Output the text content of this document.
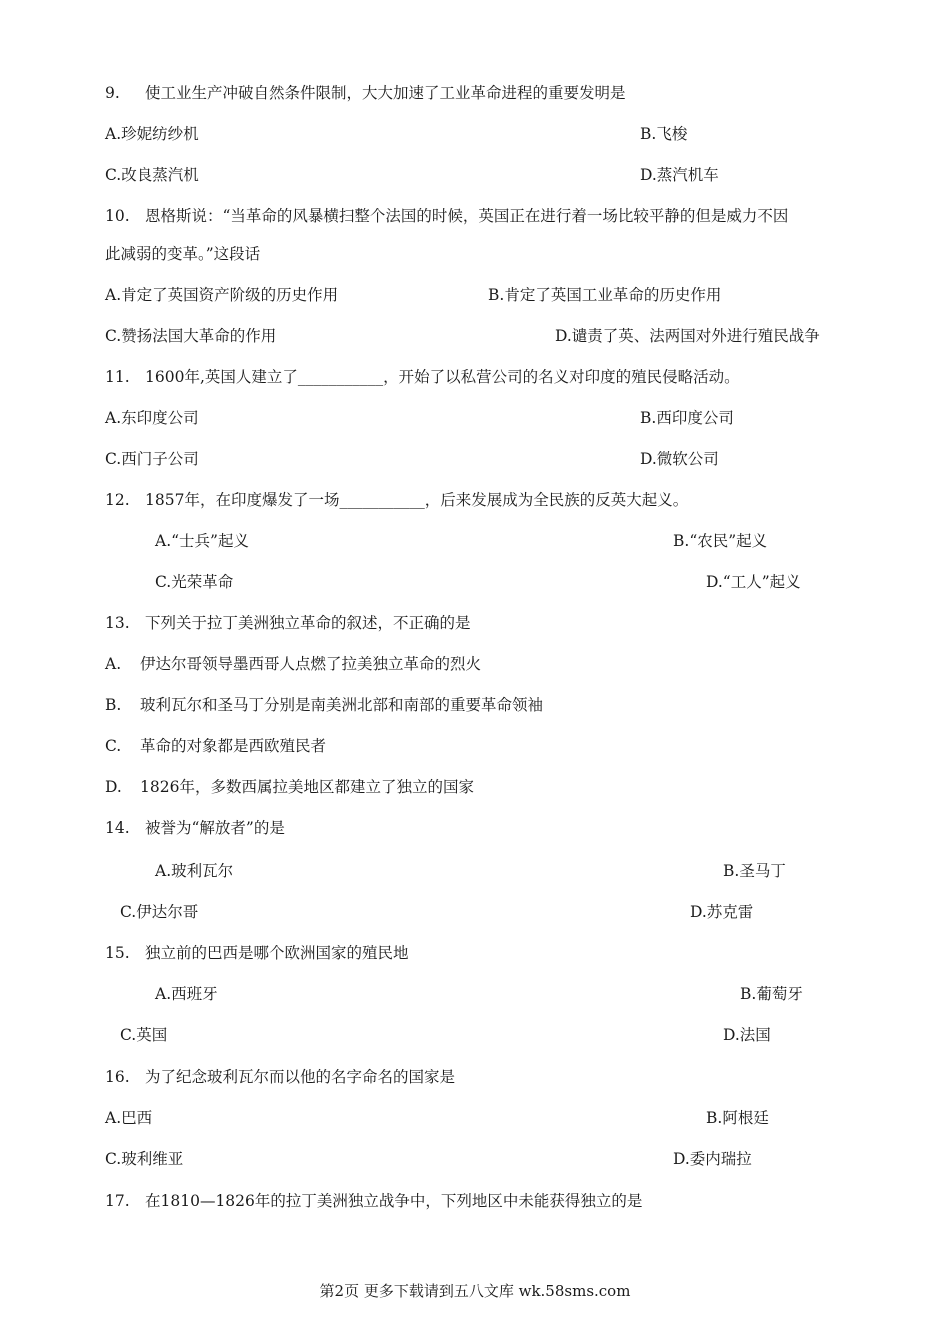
9. 使工业生产冲破自然条件限制，大大加速了工业革命进程的重要发明是
A.珍妮纺纱机	B.飞梭
C.改良蒸汽机	D.蒸汽机车
10. 恩格斯说：“当革命的风暴横扫整个法国的时候，英国正在进行着一场比较平静的但是威力不因
此减弱的变革。”这段话
A.肯定了英国资产阶级的历史作用	B.肯定了英国工业革命的历史作用
C.赞扬法国大革命的作用	D.谴责了英、法两国对外进行殖民战争
11. 1600年,英国人建立了___________，开始了以私营公司的名义对印度的殖民侵略活动。
A.东印度公司	B.西印度公司
C.西门子公司	D.微软公司
12. 1857年，在印度爆发了一场___________，后来发展成为全民族的反英大起义。
A.“士兵”起义	B.“农民”起义
C.光荣革命	D.“工人”起义
13. 下列关于拉丁美洲独立革命的叙述，不正确的是
A. 伊达尔哥领导墨西哥人点燃了拉美独立革命的烈火
B. 玻利瓦尔和圣马丁分别是南美洲北部和南部的重要革命领袖
C. 革命的对象都是西欧殖民者
D. 1826年，多数西属拉美地区都建立了独立的国家
14. 被誉为“解放者”的是
A.玻利瓦尔	B.圣马丁
C.伊达尔哥	D.苏克雷
15. 独立前的巴西是哪个欧洲国家的殖民地
A.西班牙	B.葡萄牙
C.英国	D.法国
16. 为了纪念玻利瓦尔而以他的名字命名的国家是
A.巴西	B.阿根廷
C.玻利维亚	D.委内瑞拉
17. 在1810—1826年的拉丁美洲独立战争中，下列地区中未能获得独立的是
第2页 更多下载请到五八文库 wk.58sms.com
